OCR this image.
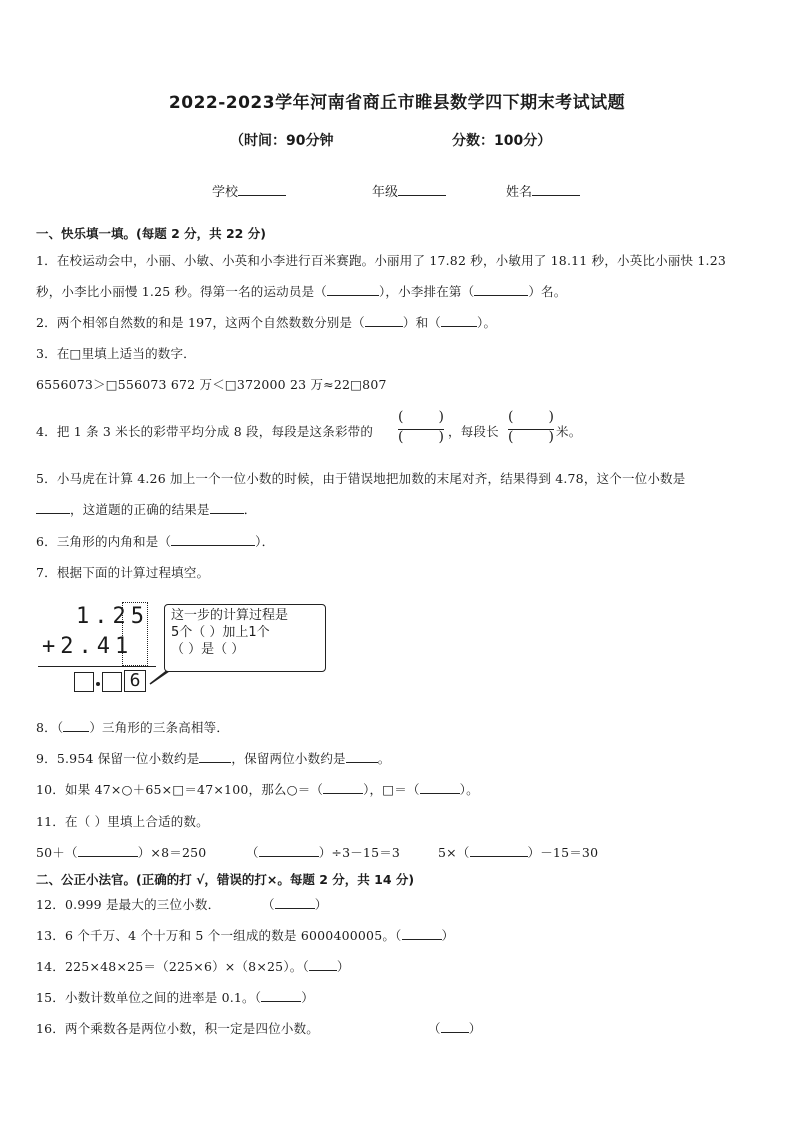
2022-2023学年河南省商丘市睢县数学四下期末考试试题
（时间：90分钟	分数：100分）
学校	年级	姓名
一、快乐填一填。(每题 2 分，共 22 分)
1．在校运动会中，小丽、小敏、小英和小李进行百米赛跑。小丽用了 17.82 秒，小敏用了 18.11 秒，小英比小丽快 1.23
秒，小李比小丽慢 1.25 秒。得第一名的运动员是（	），小李排在第（	）名。
2．两个相邻自然数的和是 197，这两个自然数数分别是（	）和（	）。
3．在□里填上适当的数字．
6556073＞□556073 672 万＜□372000 23 万≈22□807
4．把 1 条 3 米长的彩带平均分成 8 段，每段是这条彩带的
(	)
(	) ，每段长
(	)
(	) 米。
5．小马虎在计算 4.26 加上一个一位小数的时候，由于错误地把加数的末尾对齐，结果得到 4.78，这个一位小数是
，这道题的正确的结果是	．
6．三角形的内角和是（	）．
7．根据下面的计算过程填空。
1.25
+2.41
6
这一步的计算过程是
5个（ ）加上1个
（ ）是（ ）
8．（ ）三角形的三条高相等．
9．5.954 保留一位小数约是	，保留两位小数约是	。
10．如果 47×○＋65×□＝47×100，那么○＝（	），□＝（	）。
11．在（ ）里填上合适的数。
50＋（	）×8＝250	（	）÷3－15＝3	5×（	）－15＝30
二、公正小法官。(正确的打 √，错误的打×。每题 2 分，共 14 分)
12．0.999 是最大的三位小数．	（	）
13．6 个千万、4 个十万和 5 个一组成的数是 6000400005。（	）
14．225×48×25＝（225×6）×（8×25）。（ ）
15．小数计数单位之间的进率是 0.1。（	）
16．两个乘数各是两位小数，积一定是四位小数。	（ ）
